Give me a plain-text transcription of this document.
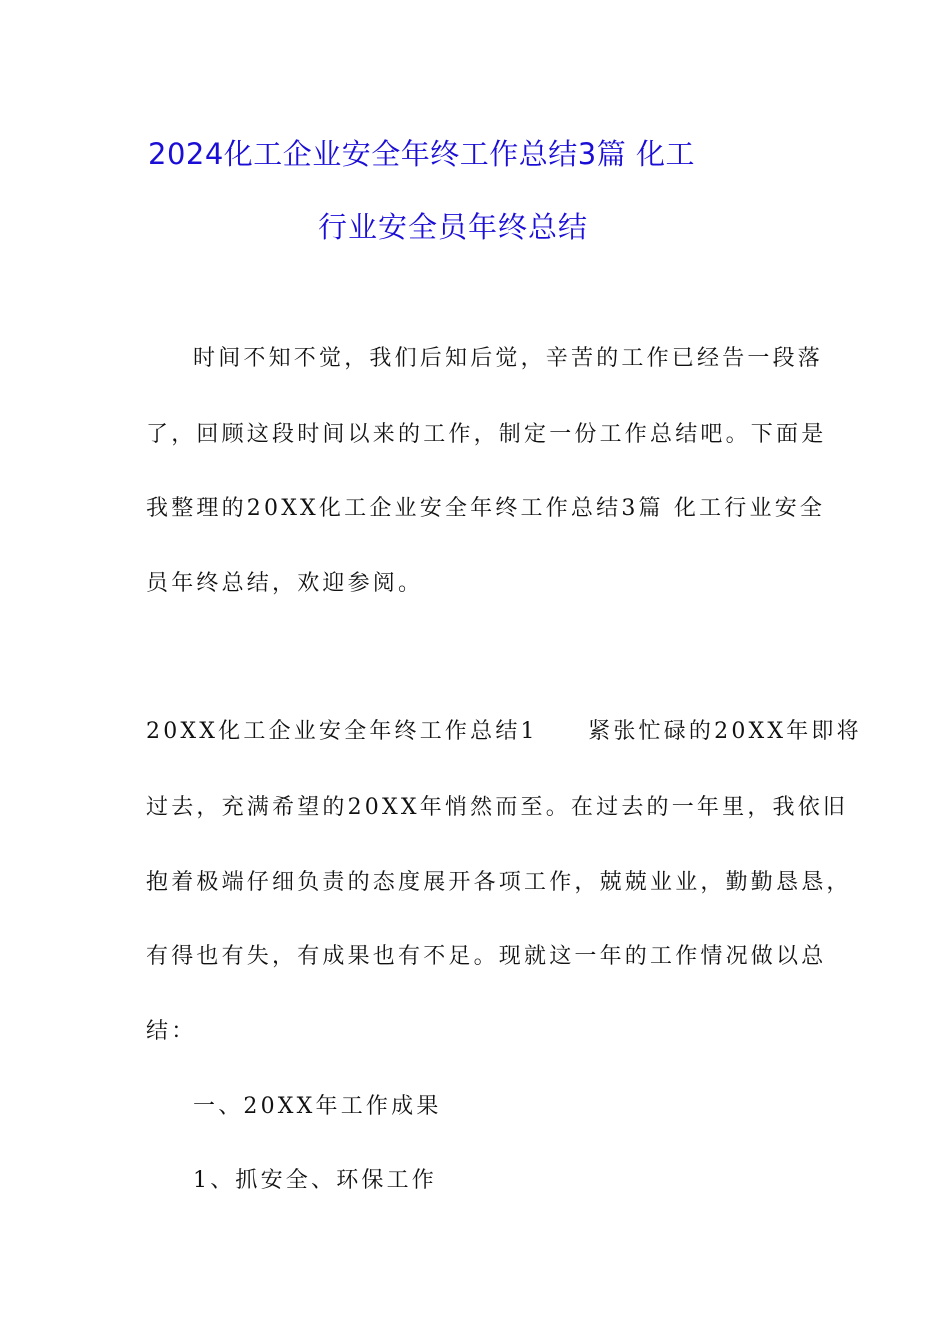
2024化工企业安全年终工作总结3篇 化工
行业安全员年终总结
时间不知不觉，我们后知后觉，辛苦的工作已经告一段落
了，回顾这段时间以来的工作，制定一份工作总结吧。下面是
我整理的20XX化工企业安全年终工作总结3篇 化工行业安全
员年终总结，欢迎参阅。
20XX化工企业安全年终工作总结1　　紧张忙碌的20XX年即将
过去，充满希望的20XX年悄然而至。在过去的一年里，我依旧
抱着极端仔细负责的态度展开各项工作，兢兢业业，勤勤恳恳，
有得也有失，有成果也有不足。现就这一年的工作情况做以总
结：
一、20XX年工作成果
1、抓安全、环保工作
